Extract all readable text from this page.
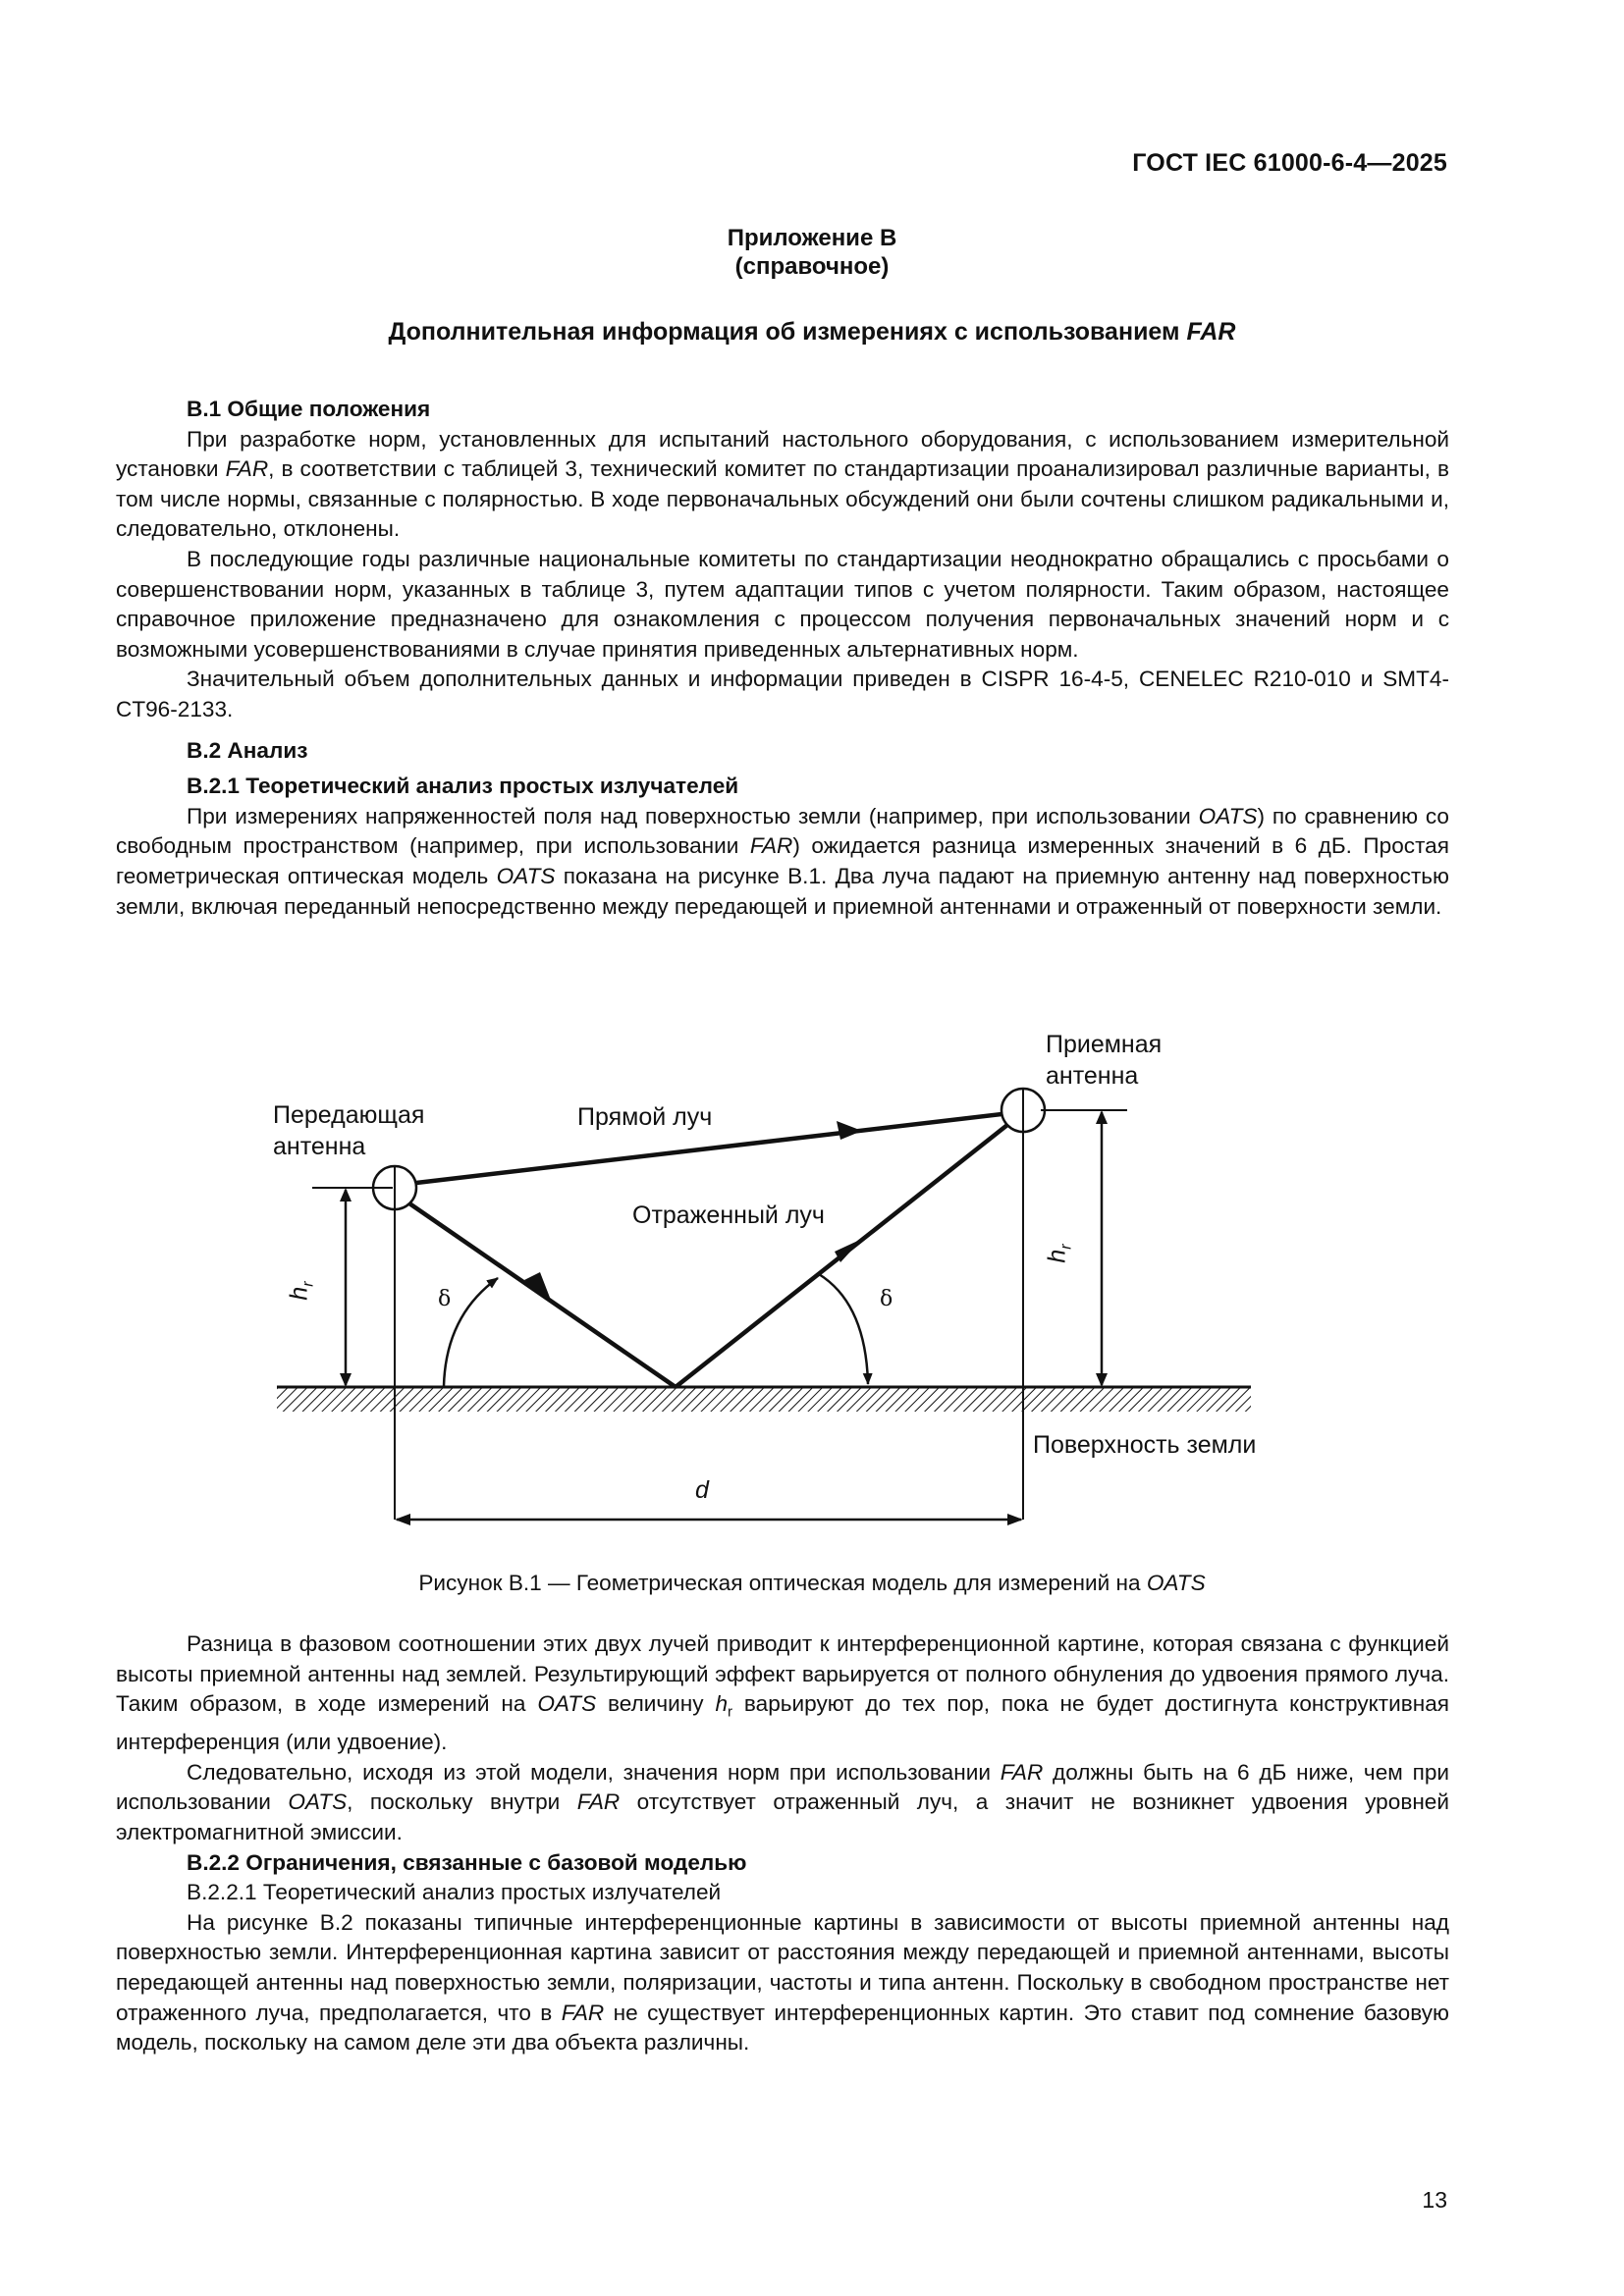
ГОСТ IEC 61000-6-4—2025
Приложение В
(справочное)
Дополнительная информация об измерениях с использованием FAR
В.1 Общие положения

При разработке норм, установленных для испытаний настольного оборудования, с использованием измерительной установки FAR, в соответствии с таблицей 3, технический комитет по стандартизации проанализировал различные варианты, в том числе нормы, связанные с полярностью. В ходе первоначальных обсуждений они были сочтены слишком радикальными и, следовательно, отклонены.

В последующие годы различные национальные комитеты по стандартизации неоднократно обращались с просьбами о совершенствовании норм, указанных в таблице 3, путем адаптации типов с учетом полярности. Таким образом, настоящее справочное приложение предназначено для ознакомления с процессом получения первоначальных значений норм и с возможными усовершенствованиями в случае принятия приведенных альтернативных норм.

Значительный объем дополнительных данных и информации приведен в CISPR 16-4-5, CENELEC R210-010 и SMT4-CT96-2133.

В.2 Анализ
В.2.1 Теоретический анализ простых излучателей

При измерениях напряженностей поля над поверхностью земли (например, при использовании OATS) по сравнению со свободным пространством (например, при использовании FAR) ожидается разница измеренных значений в 6 дБ. Простая геометрическая оптическая модель OATS показана на рисунке В.1. Два луча падают на приемную антенну над поверхностью земли, включая переданный непосредственно между передающей и приемной антеннами и отраженный от поверхности земли.

Передающая
антенна
Приемная
антенна
Прямой луч
Отраженный луч
Поверхность земли
δ	δ
$h_r$
$h_r$
d
Рисунок В.1 — Геометрическая оптическая модель для измерений на OATS

Разница в фазовом соотношении этих двух лучей приводит к интерференционной картине, которая связана с функцией высоты приемной антенны над землей. Результирующий эффект варьируется от полного обнуления до удвоения прямого луча. Таким образом, в ходе измерений на OATS величину $h_r$ варьируют до тех пор, пока не будет достигнута конструктивная интерференция (или удвоение).

Следовательно, исходя из этой модели, значения норм при использовании FAR должны быть на 6 дБ ниже, чем при использовании OATS, поскольку внутри FAR отсутствует отраженный луч, а значит не возникнет удвоения уровней электромагнитной эмиссии.

В.2.2 Ограничения, связанные с базовой моделью
В.2.2.1 Теоретический анализ простых излучателей

На рисунке В.2 показаны типичные интерференционные картины в зависимости от высоты приемной антенны над поверхностью земли. Интерференционная картина зависит от расстояния между передающей и приемной антеннами, высоты передающей антенны над поверхностью земли, поляризации, частоты и типа антенн. Поскольку в свободном пространстве нет отраженного луча, предполагается, что в FAR не существует интерференционных картин. Это ставит под сомнение базовую модель, поскольку на самом деле эти два объекта различны.

13
